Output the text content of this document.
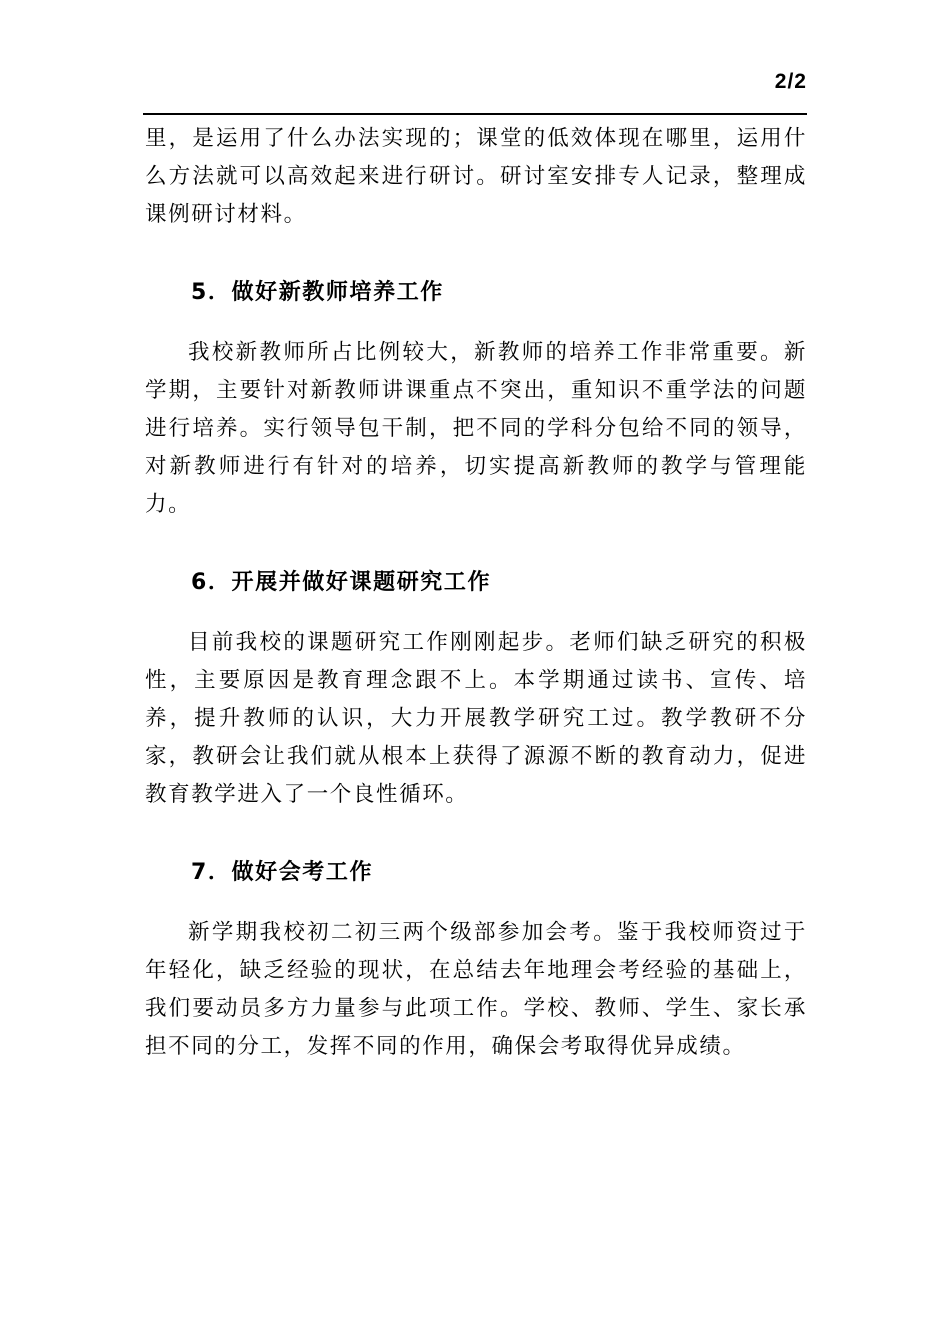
2/2

里，是运用了什么办法实现的；课堂的低效体现在哪里，运用什么方法就可以高效起来进行研讨。研讨室安排专人记录，整理成课例研讨材料。

5．做好新教师培养工作

我校新教师所占比例较大，新教师的培养工作非常重要。新学期，主要针对新教师讲课重点不突出，重知识不重学法的问题进行培养。实行领导包干制，把不同的学科分包给不同的领导，对新教师进行有针对的培养，切实提高新教师的教学与管理能力。

6．开展并做好课题研究工作

目前我校的课题研究工作刚刚起步。老师们缺乏研究的积极性，主要原因是教育理念跟不上。本学期通过读书、宣传、培养，提升教师的认识，大力开展教学研究工过。教学教研不分家，教研会让我们就从根本上获得了源源不断的教育动力，促进教育教学进入了一个良性循环。

7．做好会考工作

新学期我校初二初三两个级部参加会考。鉴于我校师资过于年轻化，缺乏经验的现状，在总结去年地理会考经验的基础上，我们要动员多方力量参与此项工作。学校、教师、学生、家长承担不同的分工，发挥不同的作用，确保会考取得优异成绩。
